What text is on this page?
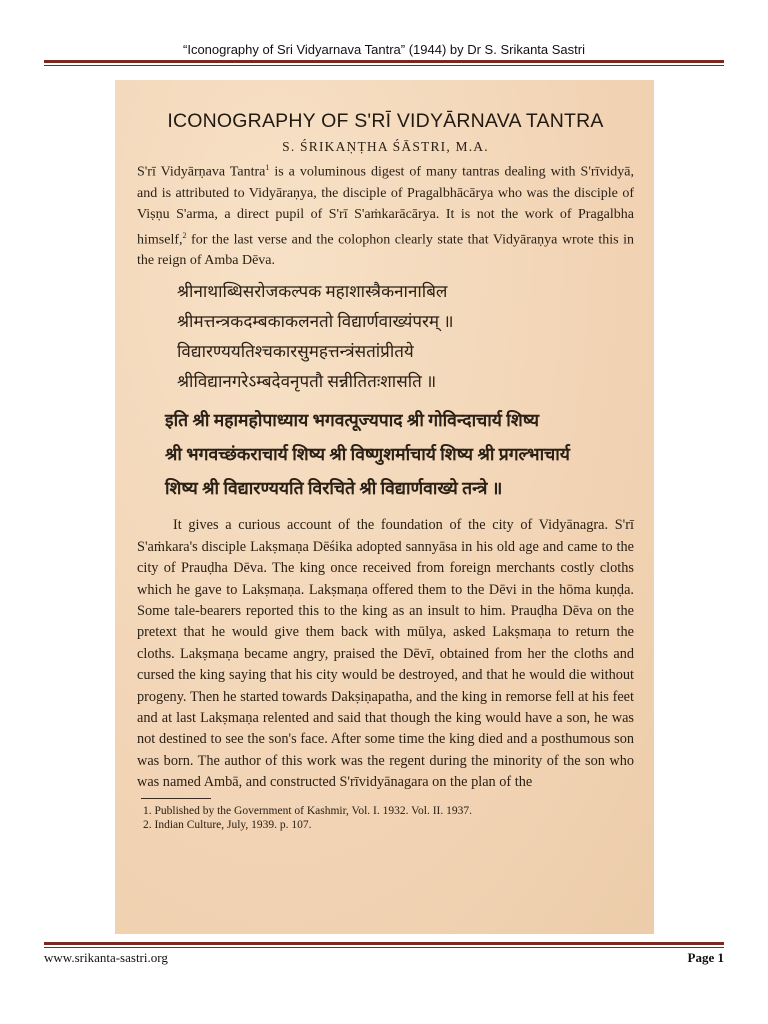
“Iconography of Sri Vidyarnava Tantra” (1944) by Dr S. Srikanta Sastri
ICONOGRAPHY OF S'RĪ VIDYĀRNAVA TANTRA
S. ŚRIKAṆṬHA ŚĀSTRI, M.A.

S'rī Vidyārṇava Tantra$^1$ is a voluminous digest of many tantras dealing with S'rīvidyā, and is attributed to Vidyāraṇya, the disciple of Pragalbhācārya who was the disciple of Viṣṇu S'arma, a direct pupil of S'rī S'aṁkarācārya. It is not the work of Pragalbha himself,$^2$ for the last verse and the colophon clearly state that Vidyāraṇya wrote this in the reign of Amba Dēva.

श्रीनाथाब्धिसरोजकल्पक महाशास्त्रैकनानाबिल
श्रीमत्तन्त्रकदम्बकाकलनतो विद्यार्णवाख्यंपरम् ॥
विद्यारण्ययतिश्चकारसुमहत्तन्त्रंसतांप्रीतये
श्रीविद्यानगरेऽम्बदेवनृपतौ सन्नीतितःशासति ॥
इति श्री महामहोपाध्याय भगवत्पूज्यपाद श्री गोविन्दाचार्य शिष्य
श्री भगवच्छंकराचार्य शिष्य श्री विष्णुशर्माचार्य शिष्य श्री प्रगल्भाचार्य
शिष्य श्री विद्यारण्ययति विरचिते श्री विद्यार्णवाख्ये तन्त्रे ॥

It gives a curious account of the foundation of the city of Vidyānagra. S'rī S'aṁkara's disciple Lakṣmaṇa Dēśika adopted sannyāsa in his old age and came to the city of Prauḍha Dēva. The king once received from foreign merchants costly cloths which he gave to Lakṣmaṇa. Lakṣmaṇa offered them to the Dēvi in the hōma kuṇḍa. Some tale-bearers reported this to the king as an insult to him. Prauḍha Dēva on the pretext that he would give them back with mūlya, asked Lakṣmaṇa to return the cloths. Lakṣmaṇa became angry, praised the Dēvī, obtained from her the cloths and cursed the king saying that his city would be destroyed, and that he would die without progeny. Then he started towards Dakṣiṇapatha, and the king in remorse fell at his feet and at last Lakṣmaṇa relented and said that though the king would have a son, he was not destined to see the son's face. After some time the king died and a posthumous son was born. The author of this work was the regent during the minority of the son who was named Ambā, and constructed S'rīvidyānagara on the plan of the

1. Published by the Government of Kashmir, Vol. I. 1932. Vol. II. 1937.
2. Indian Culture, July, 1939. p. 107.
www.srikanta-sastri.org	Page 1
